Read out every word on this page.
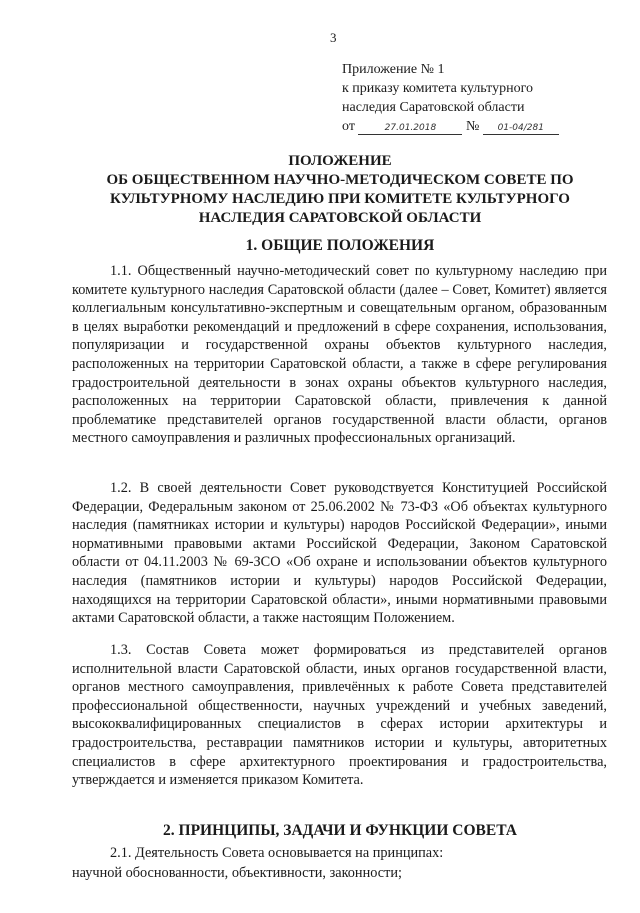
3
Приложение № 1
к приказу комитета культурного
наследия Саратовской области
от	27.01.2018 № 01-04/281
ПОЛОЖЕНИЕ
ОБ ОБЩЕСТВЕННОМ НАУЧНО-МЕТОДИЧЕСКОМ СОВЕТЕ ПО
КУЛЬТУРНОМУ НАСЛЕДИЮ ПРИ КОМИТЕТЕ КУЛЬТУРНОГО
НАСЛЕДИЯ САРАТОВСКОЙ ОБЛАСТИ
1. ОБЩИЕ ПОЛОЖЕНИЯ
1.1. Общественный научно-методический совет по культурному наследию при комитете культурного наследия Саратовской области (далее – Совет, Комитет) является коллегиальным консультативно-экспертным и совещательным органом, образованным в целях выработки рекомендаций и предложений в сфере сохранения, использования, популяризации и государственной охраны объектов культурного наследия, расположенных на территории Саратовской области, а также в сфере регулирования градостроительной деятельности в зонах охраны объектов культурного наследия, расположенных на территории Саратовской области, привлечения к данной проблематике представителей органов государственной власти области, органов местного самоуправления и различных профессиональных организаций.
1.2. В своей деятельности Совет руководствуется Конституцией Российской Федерации, Федеральным законом от 25.06.2002 № 73-ФЗ «Об объектах культурного наследия (памятниках истории и культуры) народов Российской Федерации», иными нормативными правовыми актами Российской Федерации, Законом Саратовской области от 04.11.2003 № 69-ЗСО «Об охране и использовании объектов культурного наследия (памятников истории и культуры) народов Российской Федерации, находящихся на территории Саратовской области», иными нормативными правовыми актами Саратовской области, а также настоящим Положением.
1.3. Состав Совета может формироваться из представителей органов исполнительной власти Саратовской области, иных органов государственной власти, органов местного самоуправления, привлечённых к работе Совета представителей профессиональной общественности, научных учреждений и учебных заведений, высококвалифицированных специалистов в сферах истории архитектуры и градостроительства, реставрации памятников истории и культуры, авторитетных специалистов в сфере архитектурного проектирования и градостроительства, утверждается и изменяется приказом Комитета.
2. ПРИНЦИПЫ, ЗАДАЧИ И ФУНКЦИИ СОВЕТА
2.1. Деятельность Совета основывается на принципах:
научной обоснованности, объективности, законности;
